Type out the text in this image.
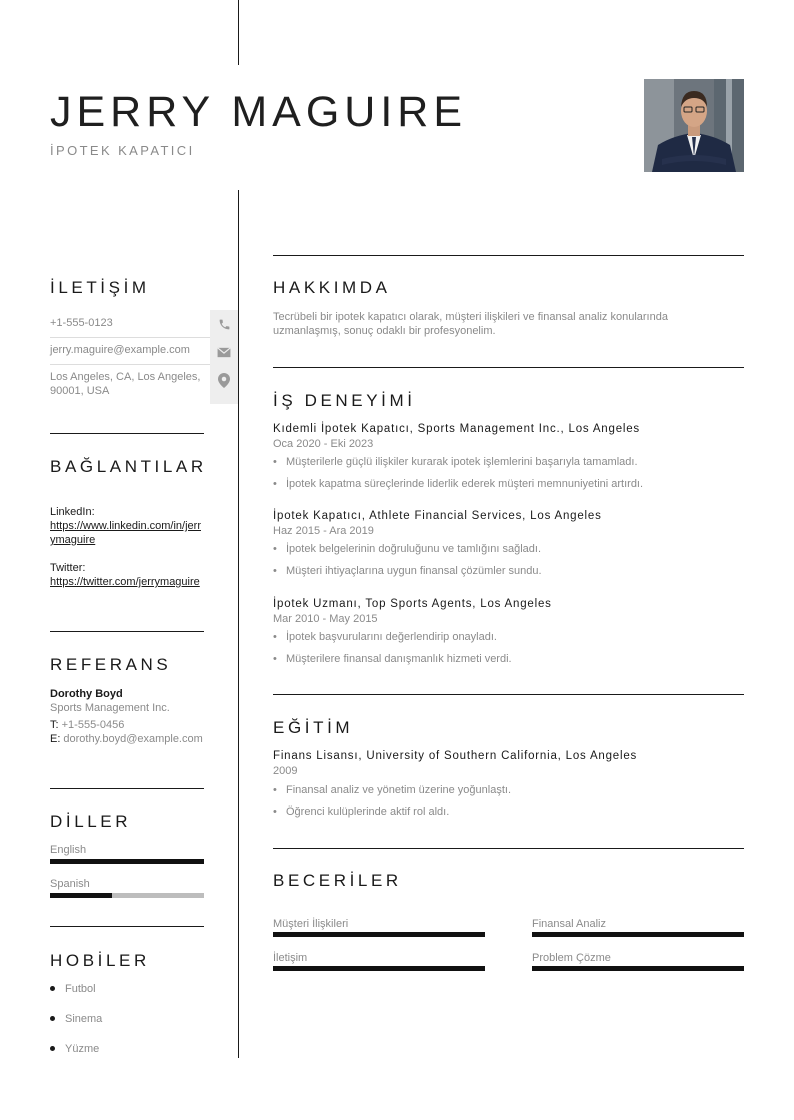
JERRY MAGUIRE
İPOTEK KAPATICI
İLETİŞİM
+1-555-0123
jerry.maguire@example.com
Los Angeles, CA, Los Angeles, 90001, USA
BAĞLANTILAR
LinkedIn:
https://www.linkedin.com/in/jerrymaguire
Twitter:
https://twitter.com/jerrymaguire
REFERANS
Dorothy Boyd
Sports Management Inc.
T: +1-555-0456
E: dorothy.boyd@example.com
DİLLER
English
Spanish
HOBİLER
Futbol
Sinema
Yüzme
HAKKIMDA
Tecrübeli bir ipotek kapatıcı olarak, müşteri ilişkileri ve finansal analiz konularında uzmanlaşmış, sonuç odaklı bir profesyonelim.
İŞ DENEYİMİ
Kıdemli İpotek Kapatıcı, Sports Management Inc., Los Angeles
Oca 2020 - Eki 2023
• Müşterilerle güçlü ilişkiler kurarak ipotek işlemlerini başarıyla tamamladı.
• İpotek kapatma süreçlerinde liderlik ederek müşteri memnuniyetini artırdı.
İpotek Kapatıcı, Athlete Financial Services, Los Angeles
Haz 2015 - Ara 2019
• İpotek belgelerinin doğruluğunu ve tamlığını sağladı.
• Müşteri ihtiyaçlarına uygun finansal çözümler sundu.
İpotek Uzmanı, Top Sports Agents, Los Angeles
Mar 2010 - May 2015
• İpotek başvurularını değerlendirip onayladı.
• Müşterilere finansal danışmanlık hizmeti verdi.
EĞİTİM
Finans Lisansı, University of Southern California, Los Angeles
2009
• Finansal analiz ve yönetim üzerine yoğunlaştı.
• Öğrenci kulüplerinde aktif rol aldı.
BECERİLER
Müşteri İlişkileri	Finansal Analiz
İletişim	Problem Çözme
